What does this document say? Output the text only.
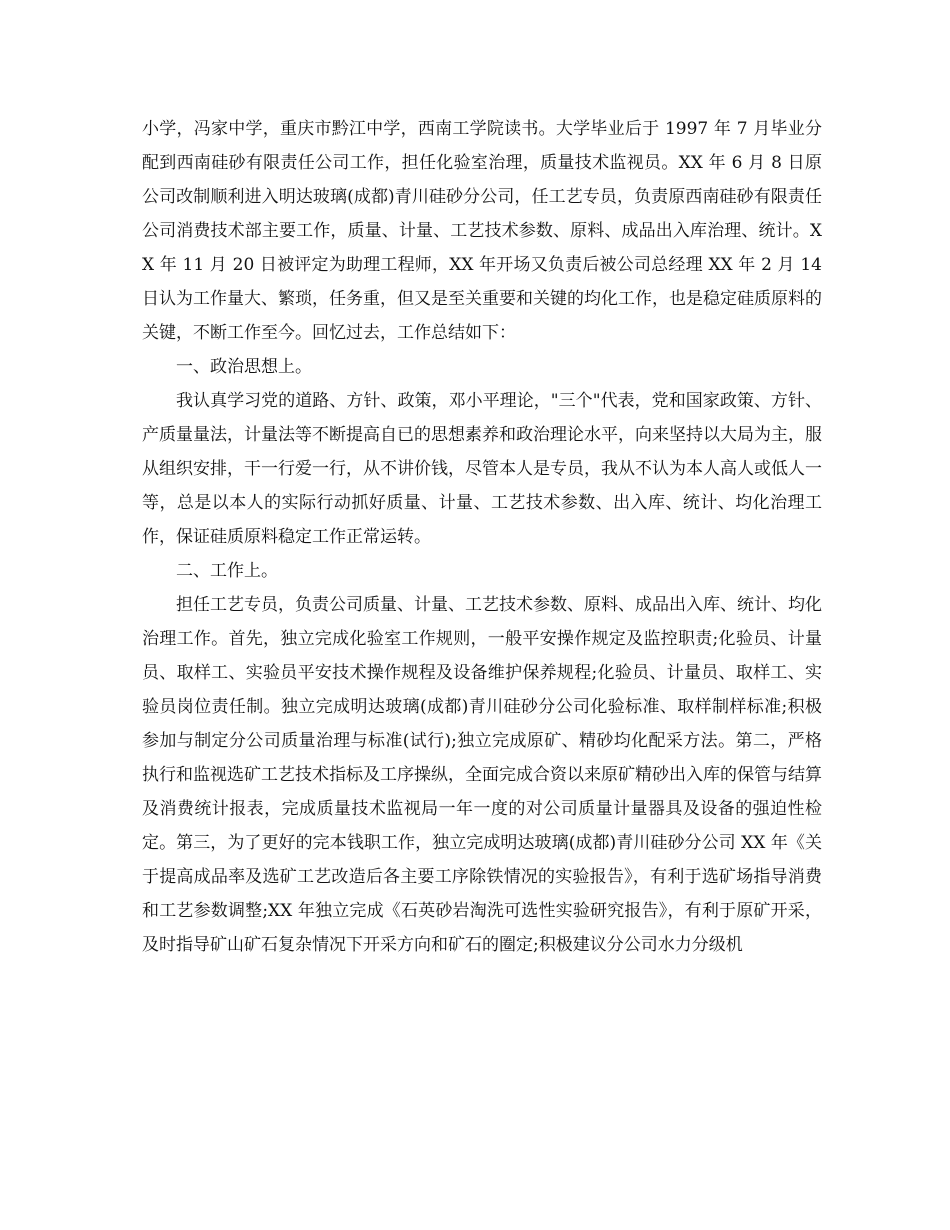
小学，冯家中学，重庆市黔江中学，西南工学院读书。大学毕业后于 1997 年 7 月毕业分配到西南硅砂有限责任公司工作，担任化验室治理，质量技术监视员。XX 年 6 月 8 日原公司改制顺利进入明达玻璃(成都)青川硅砂分公司，任工艺专员，负责原西南硅砂有限责任公司消费技术部主要工作，质量、计量、工艺技术参数、原料、成品出入库治理、统计。XX 年 11 月 20 日被评定为助理工程师，XX 年开场又负责后被公司总经理 XX 年 2 月 14 日认为工作量大、繁琐，任务重，但又是至关重要和关键的均化工作，也是稳定硅质原料的关键，不断工作至今。回忆过去，工作总结如下：

一、政治思想上。

我认真学习党的道路、方针、政策，邓小平理论，"三个"代表，党和国家政策、方针、产质量量法，计量法等不断提高自已的思想素养和政治理论水平，向来坚持以大局为主，服从组织安排，干一行爱一行，从不讲价钱，尽管本人是专员，我从不认为本人高人或低人一等，总是以本人的实际行动抓好质量、计量、工艺技术参数、出入库、统计、均化治理工作，保证硅质原料稳定工作正常运转。

二、工作上。

担任工艺专员，负责公司质量、计量、工艺技术参数、原料、成品出入库、统计、均化治理工作。首先，独立完成化验室工作规则，一般平安操作规定及监控职责;化验员、计量员、取样工、实验员平安技术操作规程及设备维护保养规程;化验员、计量员、取样工、实验员岗位责任制。独立完成明达玻璃(成都)青川硅砂分公司化验标准、取样制样标准;积极参加与制定分公司质量治理与标准(试行);独立完成原矿、精砂均化配采方法。第二，严格执行和监视选矿工艺技术指标及工序操纵，全面完成合资以来原矿精砂出入库的保管与结算及消费统计报表，完成质量技术监视局一年一度的对公司质量计量器具及设备的强迫性检定。第三，为了更好的完本钱职工作，独立完成明达玻璃(成都)青川硅砂分公司 XX 年《关于提高成品率及选矿工艺改造后各主要工序除铁情况的实验报告》，有利于选矿场指导消费和工艺参数调整;XX 年独立完成《石英砂岩淘洗可选性实验研究报告》，有利于原矿开采，及时指导矿山矿石复杂情况下开采方向和矿石的圈定;积极建议分公司水力分级机
